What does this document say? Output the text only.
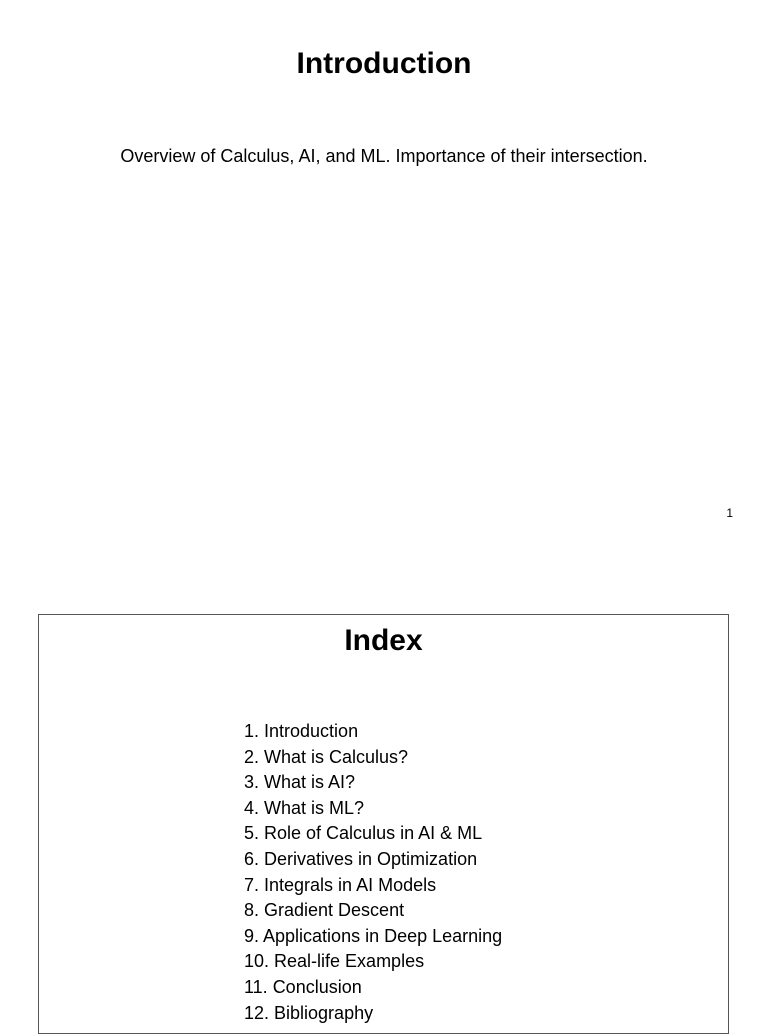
Introduction
Overview of Calculus, AI, and ML. Importance of their intersection.
1
Index
1. Introduction
2. What is Calculus?
3. What is AI?
4. What is ML?
5. Role of Calculus in AI & ML
6. Derivatives in Optimization
7. Integrals in AI Models
8. Gradient Descent
9. Applications in Deep Learning
10. Real-life Examples
11. Conclusion
12. Bibliography
